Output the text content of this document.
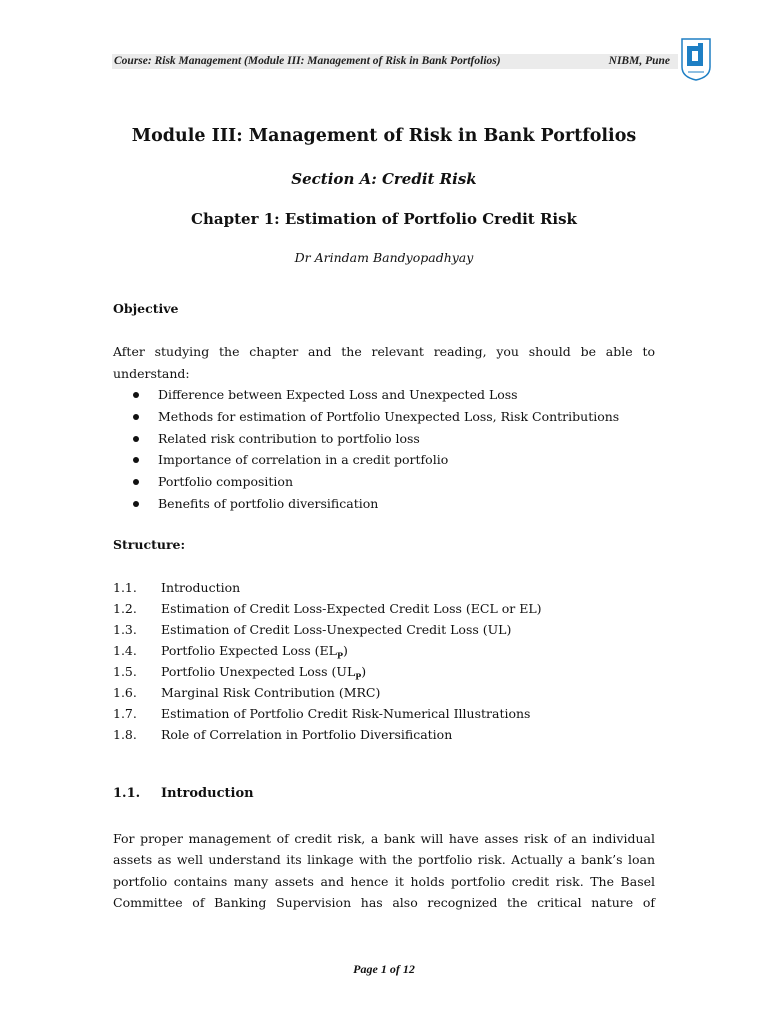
Course: Risk Management (Module III: Management of Risk in Bank Portfolios)	NIBM, Pune
Module III: Management of Risk in Bank Portfolios
Section A: Credit Risk
Chapter 1: Estimation of Portfolio Credit Risk
Dr Arindam Bandyopadhyay
Objective
After studying the chapter and the relevant reading, you should be able to understand:
Difference between Expected Loss and Unexpected Loss
Methods for estimation of Portfolio Unexpected Loss, Risk Contributions
Related risk contribution to portfolio loss
Importance of correlation in a credit portfolio
Portfolio composition
Benefits of portfolio diversification
Structure:
1.1. Introduction
1.2. Estimation of Credit Loss-Expected Credit Loss (ECL or EL)
1.3. Estimation of Credit Loss-Unexpected Credit Loss (UL)
1.4. Portfolio Expected Loss $(EL_P)$
1.5. Portfolio Unexpected Loss $(UL_P)$
1.6. Marginal Risk Contribution (MRC)
1.7. Estimation of Portfolio Credit Risk-Numerical Illustrations
1.8. Role of Correlation in Portfolio Diversification
1.1. Introduction
For proper management of credit risk, a bank will have asses risk of an individual
assets as well understand its linkage with the portfolio risk. Actually a bank’s loan
portfolio contains many assets and hence it holds portfolio credit risk. The Basel
Committee of Banking Supervision has also recognized the critical nature of
Page 1 of 12
